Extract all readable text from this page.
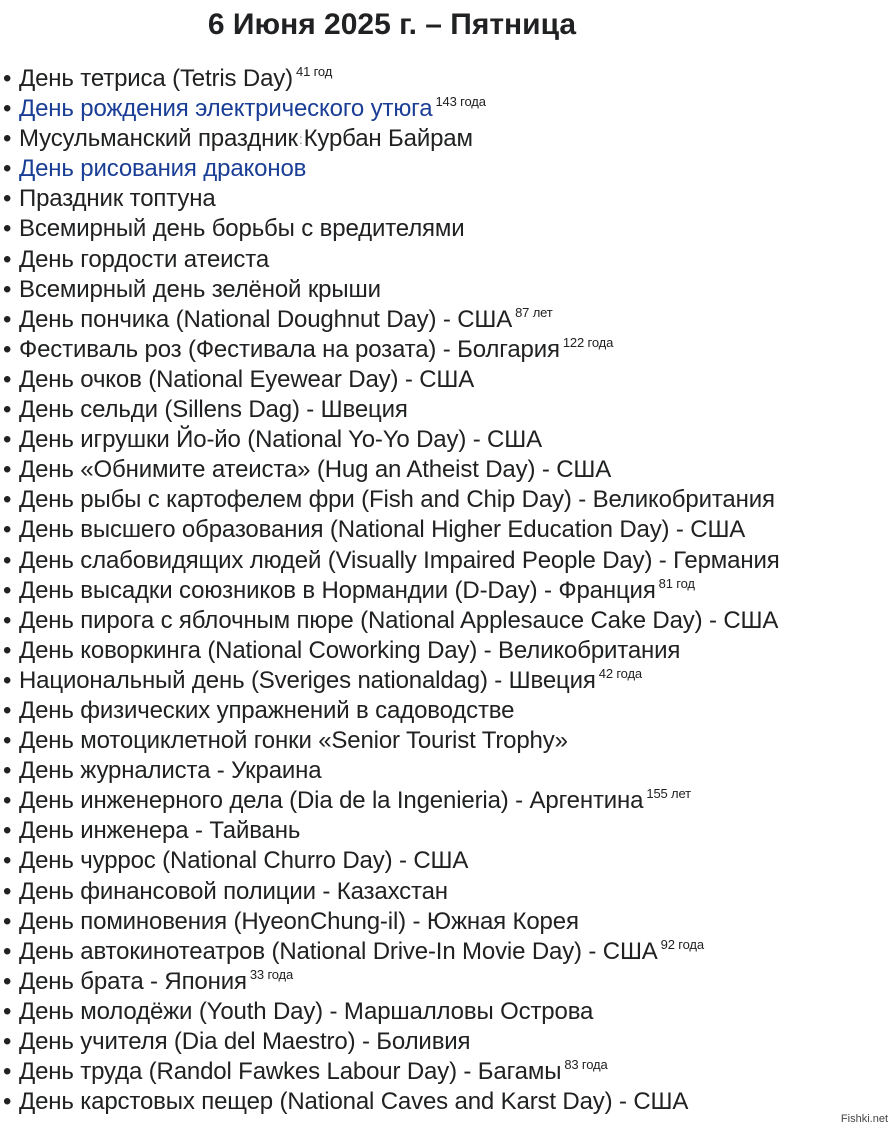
6 Июня 2025 г. – Пятница
• День тетриса (Tetris Day) $^{41 год}$
• День рождения электрического утюга $^{143 года}$
• Мусульманский праздник:Курбан Байрам
• День рисования драконов
• Праздник топтуна
• Всемирный день борьбы с вредителями
• День гордости атеиста
• Всемирный день зелёной крыши
• День пончика (National Doughnut Day) - США $^{87 лет}$
• Фестиваль роз (Фестивала на розата) - Болгария $^{122 года}$
• День очков (National Eyewear Day) - США
• День сельди (Sillens Dag) - Швеция
• День игрушки Йо-йо (National Yo-Yo Day) - США
• День «Обнимите атеиста» (Hug an Atheist Day) - США
• День рыбы с картофелем фри (Fish and Chip Day) - Великобритания
• День высшего образования (National Higher Education Day) - США
• День слабовидящих людей (Visually Impaired People Day) - Германия
• День высадки союзников в Нормандии (D-Day) - Франция $^{81 год}$
• День пирога с яблочным пюре (National Applesauce Cake Day) - США
• День коворкинга (National Coworking Day) - Великобритания
• Национальный день (Sveriges nationaldag) - Швеция $^{42 года}$
• День физических упражнений в садоводстве
• День мотоциклетной гонки «Senior Tourist Trophy»
• День журналиста - Украина
• День инженерного дела (Dia de la Ingenieria) - Аргентина $^{155 лет}$
• День инженера - Тайвань
• День чуррос (National Churro Day) - США
• День финансовой полиции - Казахстан
• День поминовения (HyeonChung-il) - Южная Корея
• День автокинотеатров (National Drive-In Movie Day) - США $^{92 года}$
• День брата - Япония $^{33 года}$
• День молодёжи (Youth Day) - Маршалловы Острова
• День учителя (Dia del Maestro) - Боливия
• День труда (Randol Fawkes Labour Day) - Багамы $^{83 года}$
• День карстовых пещер (National Caves and Karst Day) - США
Fishki.net
